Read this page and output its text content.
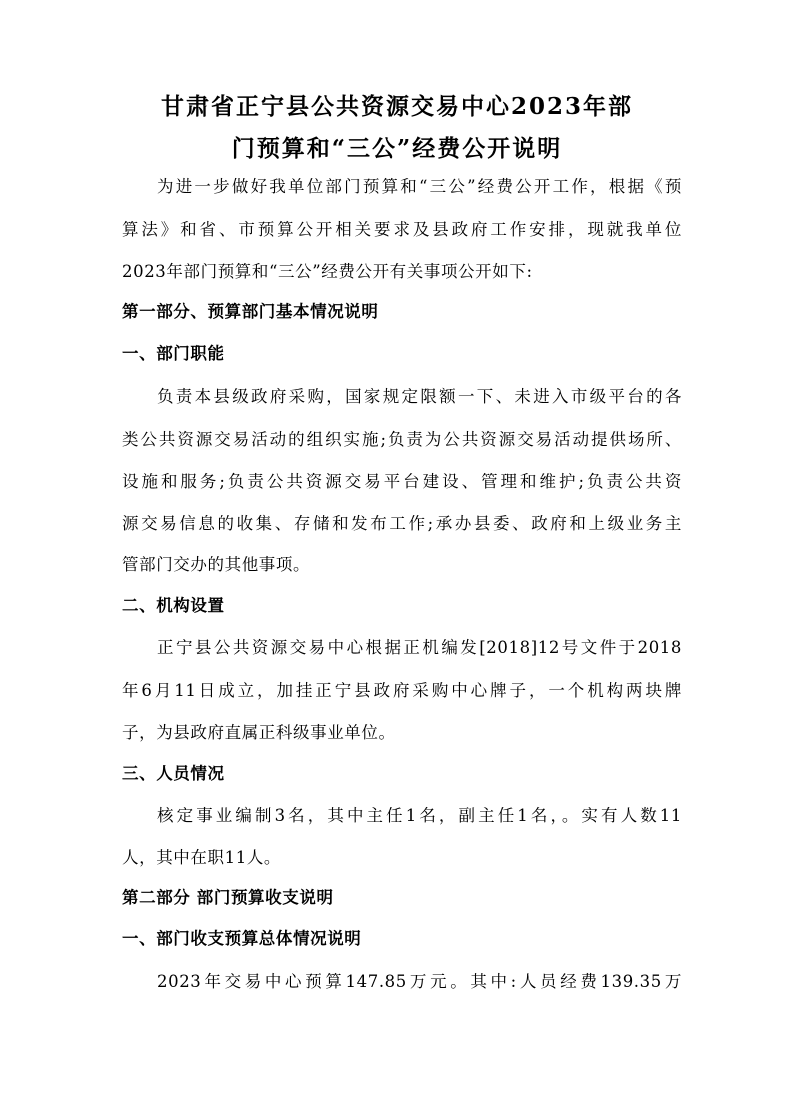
甘肃省正宁县公共资源交易中心2023年部
门预算和“三公”经费公开说明
为进一步做好我单位部门预算和“三公”经费公开工作，根据《预
算法》和省、市预算公开相关要求及县政府工作安排，现就我单位
2023年部门预算和“三公”经费公开有关事项公开如下:
第一部分、预算部门基本情况说明
一、部门职能
负责本县级政府采购，国家规定限额一下、未进入市级平台的各
类公共资源交易活动的组织实施;负责为公共资源交易活动提供场所、
设施和服务;负责公共资源交易平台建设、管理和维护;负责公共资
源交易信息的收集、存储和发布工作;承办县委、政府和上级业务主
管部门交办的其他事项。
二、机构设置
正宁县公共资源交易中心根据正机编发[2018]12号文件于2018
年6月11日成立，加挂正宁县政府采购中心牌子，一个机构两块牌
子，为县政府直属正科级事业单位。
三、人员情况
核定事业编制3名，其中主任1名，副主任1名，。实有人数11
人，其中在职11人。
第二部分 部门预算收支说明
一、部门收支预算总体情况说明
2023年交易中心预算147.85万元。其中:人员经费139.35万
